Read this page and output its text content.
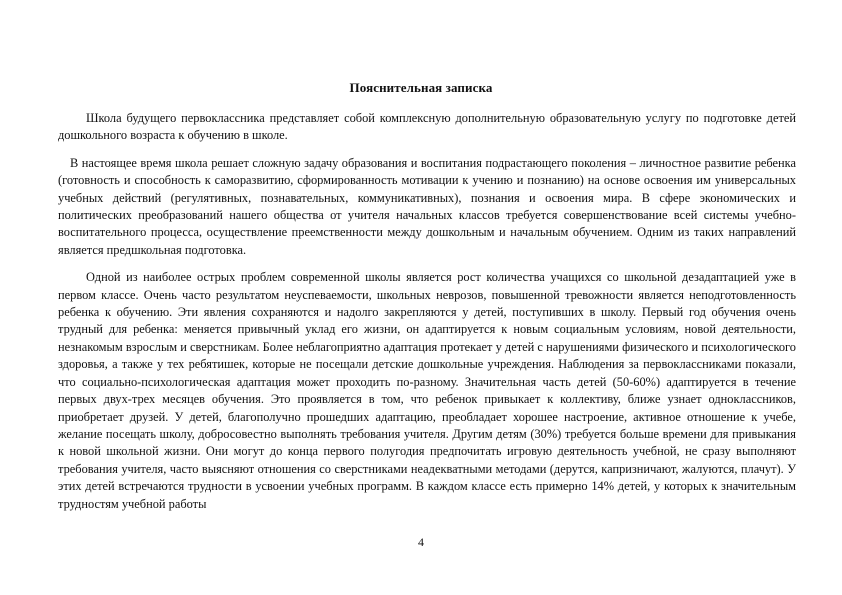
Пояснительная записка

Школа будущего первоклассника представляет собой комплексную дополнительную образовательную услугу по подготовке детей дошкольного возраста к обучению в школе.

В настоящее время школа решает сложную задачу образования и воспитания подрастающего поколения – личностное развитие ребенка (готовность и способность к саморазвитию, сформированность мотивации к учению и познанию) на основе освоения им универсальных учебных действий (регулятивных, познавательных, коммуникативных), познания и освоения мира. В сфере экономических и политических преобразований нашего общества от учителя начальных классов требуется совершенствование всей системы учебно-воспитательного процесса, осуществление преемственности между дошкольным и начальным обучением. Одним из таких направлений является предшкольная подготовка.

Одной из наиболее острых проблем современной школы является рост количества учащихся со школьной дезадаптацией уже в первом классе. Очень часто результатом неуспеваемости, школьных неврозов, повышенной тревожности является неподготовленность ребенка к обучению. Эти явления сохраняются и надолго закрепляются у детей, поступивших в школу. Первый год обучения очень трудный для ребенка: меняется привычный уклад его жизни, он адаптируется к новым социальным условиям, новой деятельности, незнакомым взрослым и сверстникам. Более неблагоприятно адаптация протекает у детей с нарушениями физического и психологического здоровья, а также у тех ребятишек, которые не посещали детские дошкольные учреждения. Наблюдения за первоклассниками показали, что социально-психологическая адаптация может проходить по-разному. Значительная часть детей (50-60%) адаптируется в течение первых двух-трех месяцев обучения. Это проявляется в том, что ребенок привыкает к коллективу, ближе узнает одноклассников, приобретает друзей. У детей, благополучно прошедших адаптацию, преобладает хорошее настроение, активное отношение к учебе, желание посещать школу, добросовестно выполнять требования учителя. Другим детям (30%) требуется больше времени для привыкания к новой школьной жизни. Они могут до конца первого полугодия предпочитать игровую деятельность учебной, не сразу выполняют требования учителя, часто выясняют отношения со сверстниками неадекватными методами (дерутся, капризничают, жалуются, плачут). У этих детей встречаются трудности в усвоении учебных программ. В каждом классе есть примерно 14% детей, у которых к значительным трудностям учебной работы

4
